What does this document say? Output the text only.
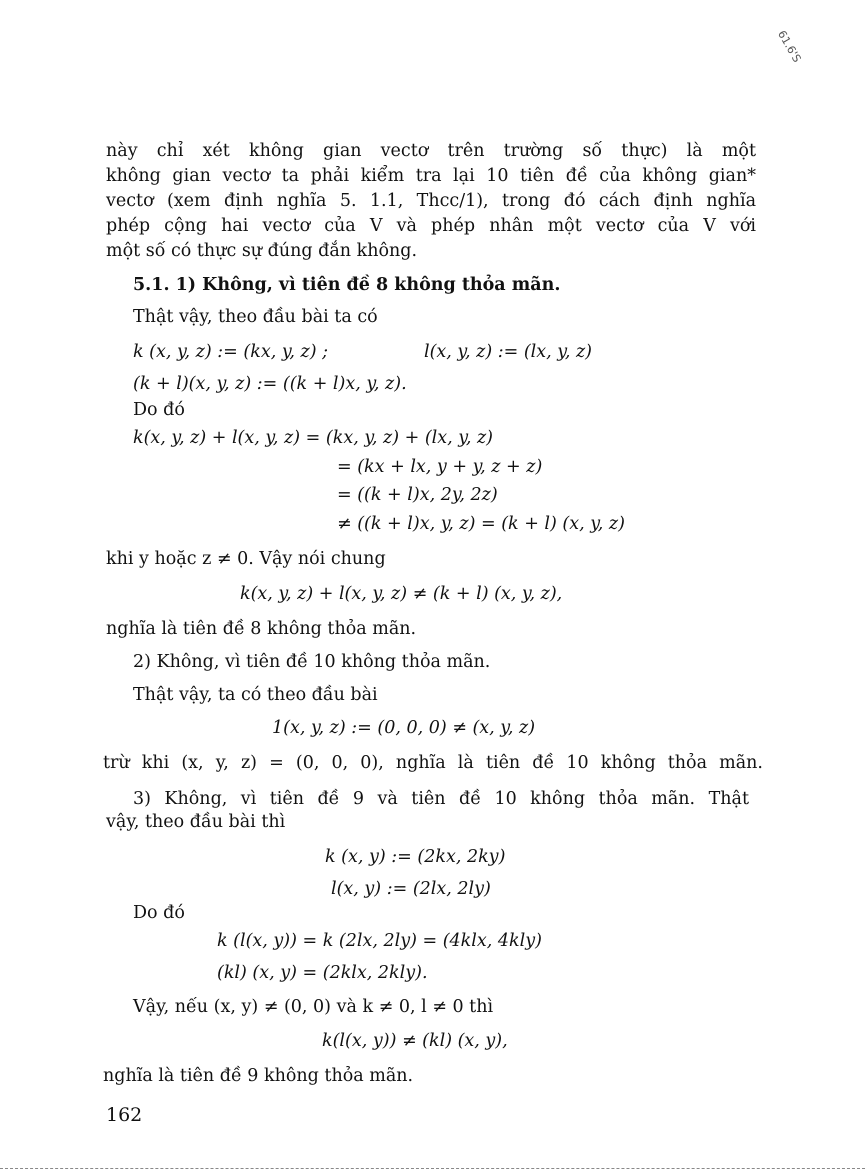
61.6'S
này chỉ xét không gian vectơ trên trường số thực) là một
không gian vectơ ta phải kiểm tra lại 10 tiên đề của không gian*
vectơ (xem định nghĩa 5. 1.1, Thcc/1), trong đó cách định nghĩa
phép cộng hai vectơ của V và phép nhân một vectơ của V với
một số có thực sự đúng đắn không.
5.1. 1) Không, vì tiên đề 8 không thỏa mãn.
Thật vậy, theo đầu bài ta có
k (x, y, z) := (kx, y, z) ;	l(x, y, z) := (lx, y, z)
(k + l)(x, y, z) := ((k + l)x, y, z).
Do đó
k(x, y, z) + l(x, y, z) = (kx, y, z) + (lx, y, z)
= (kx + lx, y + y, z + z)
= ((k + l)x, 2y, 2z)
≠ ((k + l)x, y, z) = (k + l) (x, y, z)
khi y hoặc z ≠ 0. Vậy nói chung
k(x, y, z) + l(x, y, z) ≠ (k + l) (x, y, z),
nghĩa là tiên đề 8 không thỏa mãn.
2) Không, vì tiên đề 10 không thỏa mãn.
Thật vậy, ta có theo đầu bài
1(x, y, z) := (0, 0, 0) ≠ (x, y, z)
trừ khi (x, y, z) = (0, 0, 0), nghĩa là tiên đề 10 không thỏa mãn.
3) Không, vì tiên đề 9 và tiên đề 10 không thỏa mãn. Thật
vậy, theo đầu bài thì
k (x, y) := (2kx, 2ky)
l(x, y) := (2lx, 2ly)
Do đó
k (l(x, y)) = k (2lx, 2ly) = (4klx, 4kly)
(kl) (x, y) = (2klx, 2kly).
Vậy, nếu (x, y) ≠ (0, 0) và k ≠ 0, l ≠ 0 thì
k(l(x, y)) ≠ (kl) (x, y),
nghĩa là tiên đề 9 không thỏa mãn.
162
